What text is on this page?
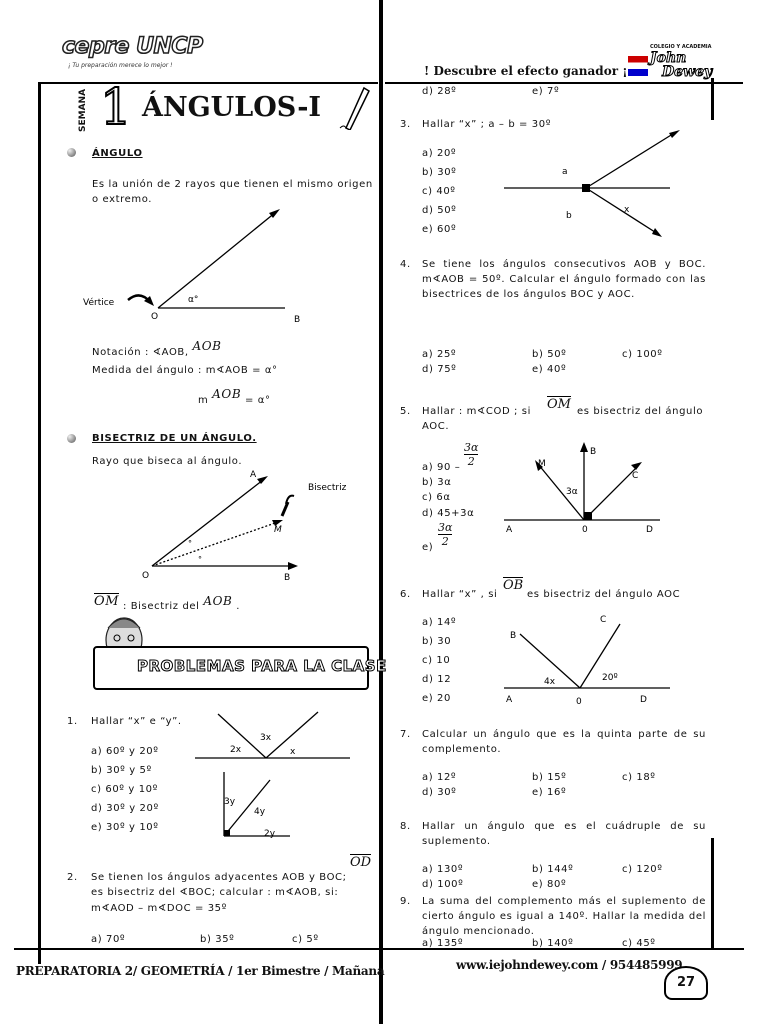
cepre UNCP
¡ Tu preparación merece lo mejor !	! Descubre el efecto ganador ¡
COLEGIO Y ACADEMIA
John
Dewey
SEMANA 1 ÁNGULOS-I
ÁNGULO
Es la unión de 2 rayos que tienen el mismo origen o extremo.
Vértice
O	B
α°
Notación : ∢AOB, AOB
Medida del ángulo : m∢AOB = α°
m AOB = α°
BISECTRIZ DE UN ÁNGULO.
Rayo que biseca al ángulo.
A
O	B
M
Bisectriz
°
°
OM : Bisectriz del AOB .
PROBLEMAS PARA LA CLASE
1. Hallar “x” e “y”.
a) 60º y 20º
b) 30º y 5º
c) 60º y 10º
d) 30º y 20º
e) 30º y 10º
3x
2x	x
3y
4y
2y
2. Se tienen los ángulos adyacentes AOB y BOC;
OD
es bisectriz del ∢BOC; calcular : m∢AOB, si:
m∢AOD – m∢DOC = 35º
a) 70º	b) 35º	c) 5º
d) 28º	e) 7º
3. Hallar “x” ; a – b = 30º
a) 20º
b) 30º
c) 40º
d) 50º
e) 60º
a
b
x
4. Se tiene los ángulos consecutivos AOB y BOC. m∢AOB = 50º. Calcular el ángulo formado con las bisectrices de los ángulos BOC y AOC.
a) 25º	b) 50º	c) 100º
d) 75º	e) 40º
5. Hallar : m∢COD ; si OM es bisectriz del ángulo
AOC.
$\frac{3\alpha}{2}$
a) 90 –
b) 3α
c) 6α
d) 45+3α
$\frac{3\alpha}{2}$
e)
M
B
C
A	0	D
3α
6. Hallar “x” , si
OB
es bisectriz del ángulo AOC
a) 14º
b) 30
c) 10
d) 12
e) 20
B
C
A	0	D
4x	20º
7. Calcular un ángulo que es la quinta parte de su complemento.
a) 12º	b) 15º	c) 18º
d) 30º	e) 16º
8. Hallar un ángulo que es el cuádruple de su suplemento.
a) 130º	b) 144º	c) 120º
d) 100º	e) 80º
9. La suma del complemento más el suplemento de cierto ángulo es igual a 140º. Hallar la medida del ángulo mencionado.
a) 135º	b) 140º	c) 45º
PREPARATORIA 2/ GEOMETRÍA / 1er Bimestre / Mañana	www.iejohndewey.com / 954485999
27
